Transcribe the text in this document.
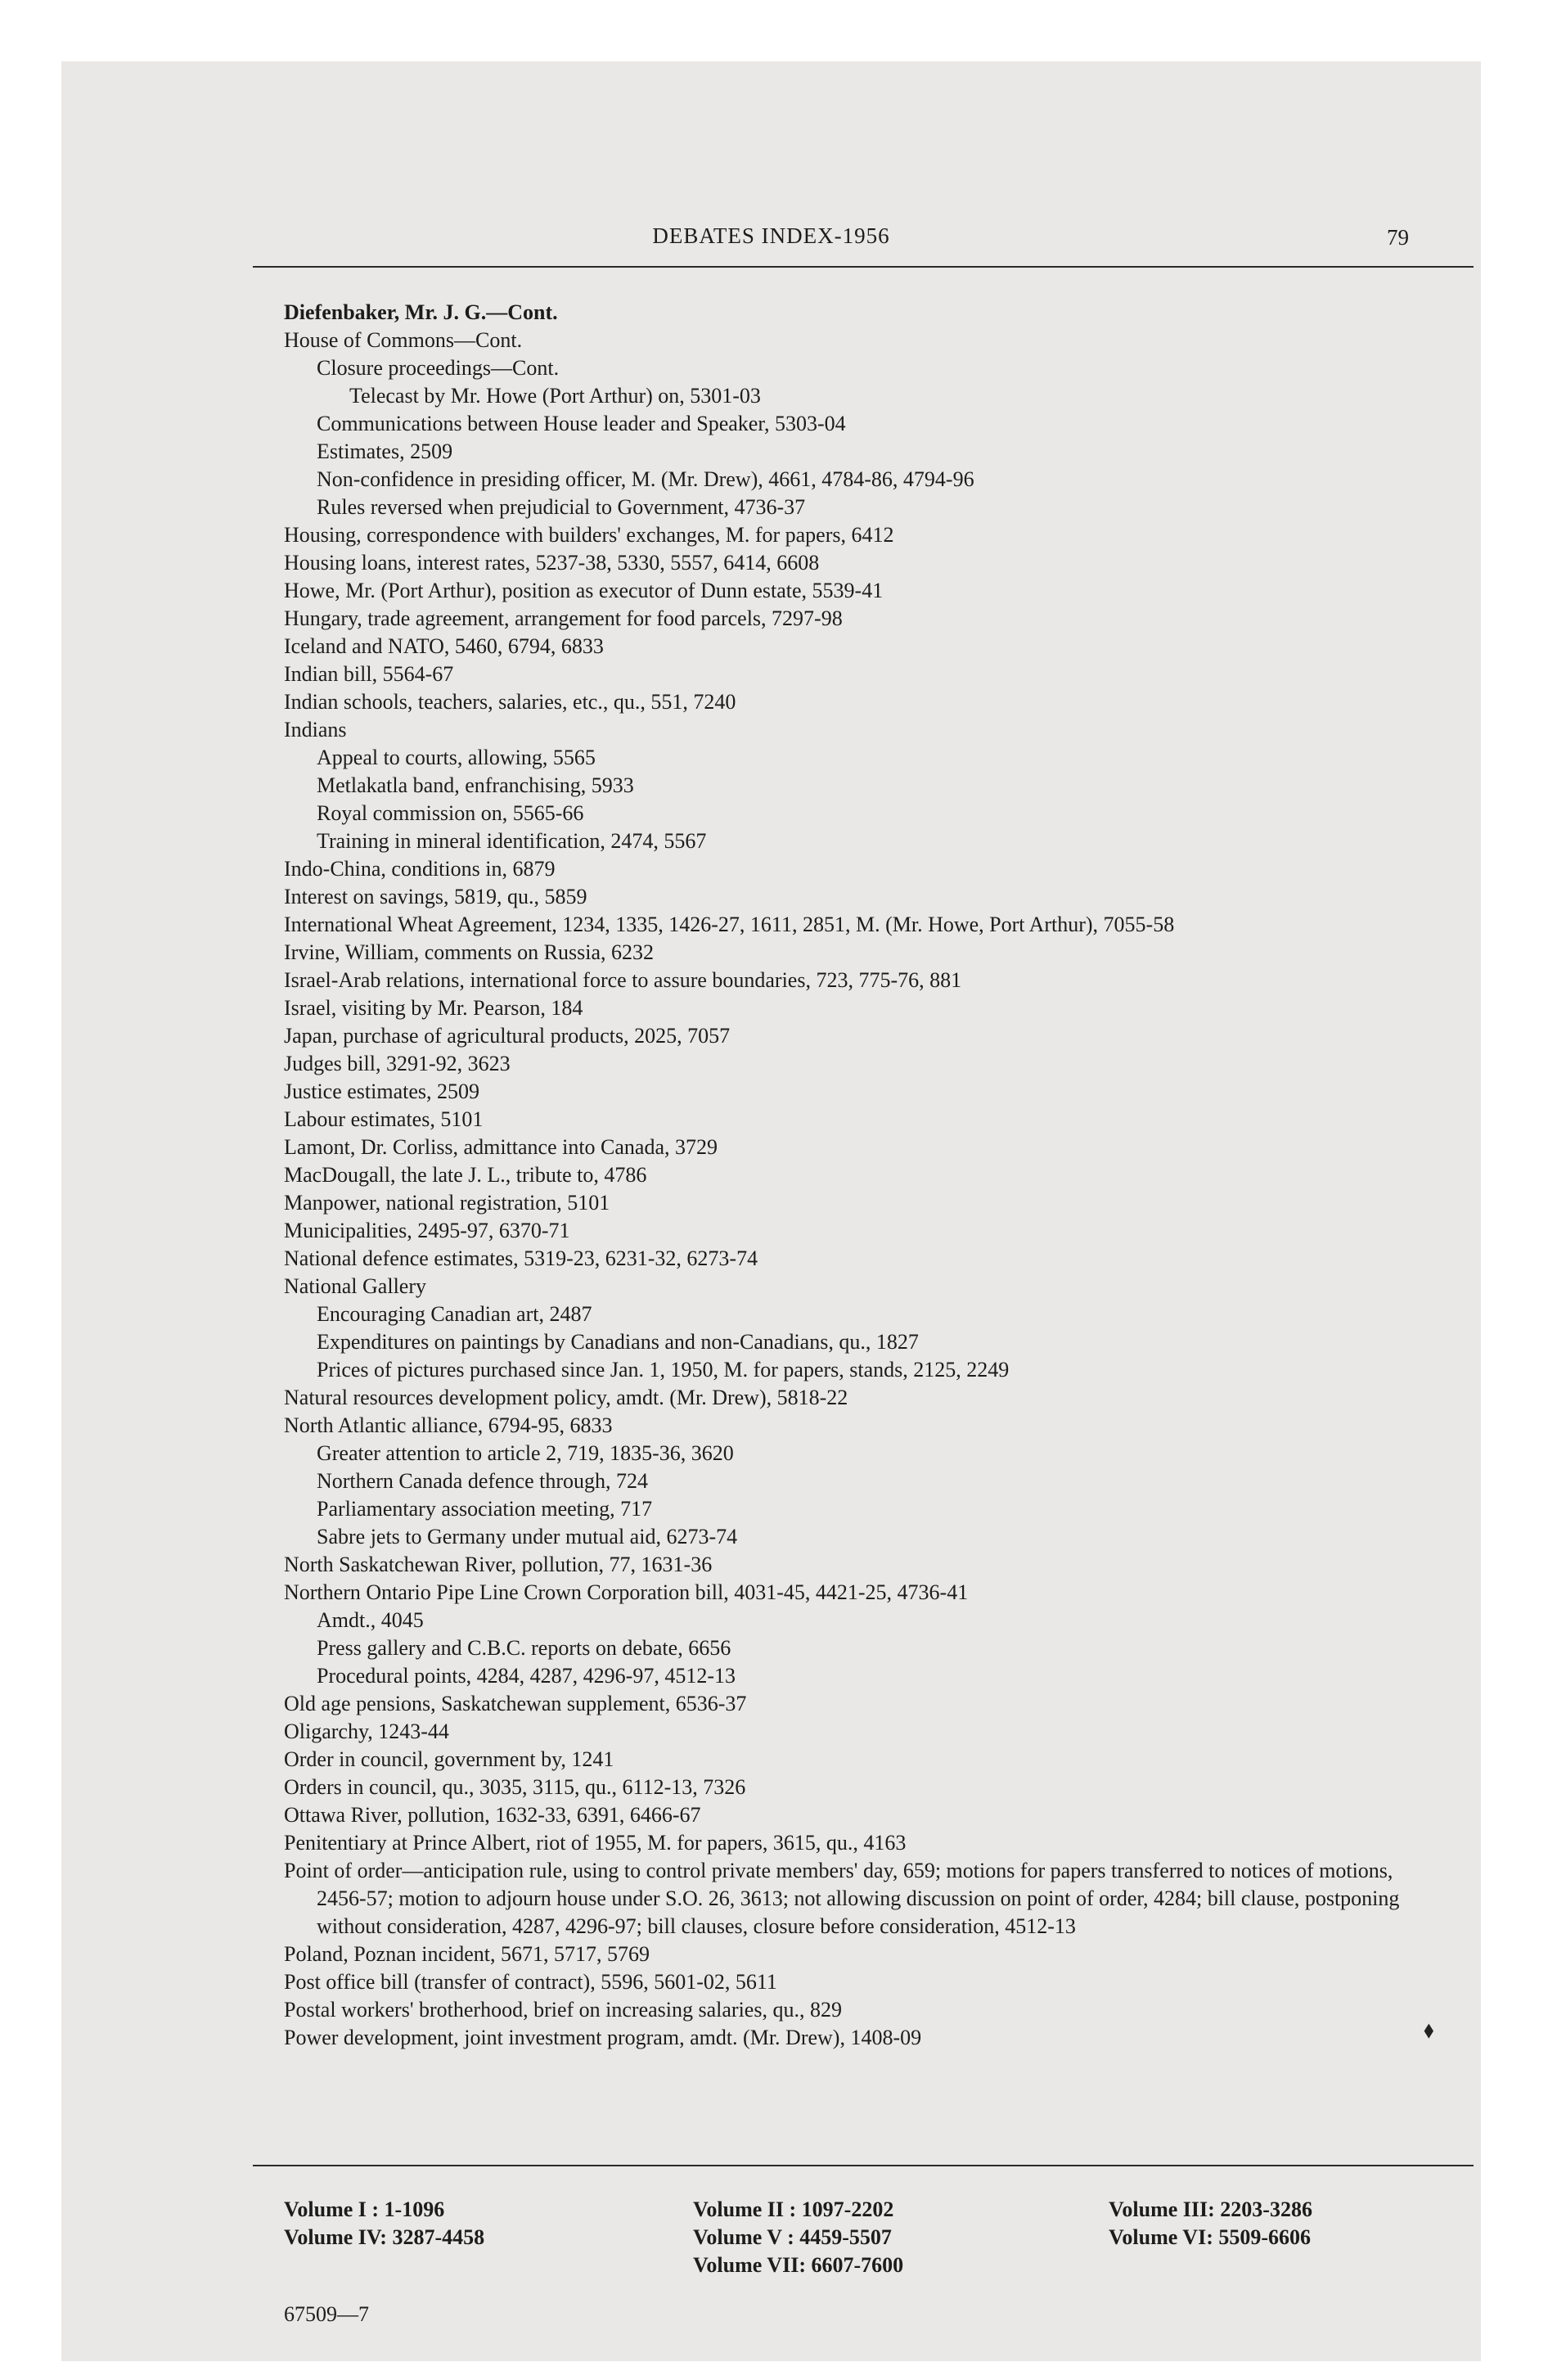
DEBATES INDEX-1956	79
Diefenbaker, Mr. J. G.—Cont.
House of Commons—Cont.
Closure proceedings—Cont.
Telecast by Mr. Howe (Port Arthur) on, 5301-03
Communications between House leader and Speaker, 5303-04
Estimates, 2509
Non-confidence in presiding officer, M. (Mr. Drew), 4661, 4784-86, 4794-96
Rules reversed when prejudicial to Government, 4736-37
Housing, correspondence with builders' exchanges, M. for papers, 6412
Housing loans, interest rates, 5237-38, 5330, 5557, 6414, 6608
Howe, Mr. (Port Arthur), position as executor of Dunn estate, 5539-41
Hungary, trade agreement, arrangement for food parcels, 7297-98
Iceland and NATO, 5460, 6794, 6833
Indian bill, 5564-67
Indian schools, teachers, salaries, etc., qu., 551, 7240
Indians
Appeal to courts, allowing, 5565
Metlakatla band, enfranchising, 5933
Royal commission on, 5565-66
Training in mineral identification, 2474, 5567
Indo-China, conditions in, 6879
Interest on savings, 5819, qu., 5859
International Wheat Agreement, 1234, 1335, 1426-27, 1611, 2851, M. (Mr. Howe, Port Arthur), 7055-58
Irvine, William, comments on Russia, 6232
Israel-Arab relations, international force to assure boundaries, 723, 775-76, 881
Israel, visiting by Mr. Pearson, 184
Japan, purchase of agricultural products, 2025, 7057
Judges bill, 3291-92, 3623
Justice estimates, 2509
Labour estimates, 5101
Lamont, Dr. Corliss, admittance into Canada, 3729
MacDougall, the late J. L., tribute to, 4786
Manpower, national registration, 5101
Municipalities, 2495-97, 6370-71
National defence estimates, 5319-23, 6231-32, 6273-74
National Gallery
Encouraging Canadian art, 2487
Expenditures on paintings by Canadians and non-Canadians, qu., 1827
Prices of pictures purchased since Jan. 1, 1950, M. for papers, stands, 2125, 2249
Natural resources development policy, amdt. (Mr. Drew), 5818-22
North Atlantic alliance, 6794-95, 6833
Greater attention to article 2, 719, 1835-36, 3620
Northern Canada defence through, 724
Parliamentary association meeting, 717
Sabre jets to Germany under mutual aid, 6273-74
North Saskatchewan River, pollution, 77, 1631-36
Northern Ontario Pipe Line Crown Corporation bill, 4031-45, 4421-25, 4736-41
Amdt., 4045
Press gallery and C.B.C. reports on debate, 6656
Procedural points, 4284, 4287, 4296-97, 4512-13
Old age pensions, Saskatchewan supplement, 6536-37
Oligarchy, 1243-44
Order in council, government by, 1241
Orders in council, qu., 3035, 3115, qu., 6112-13, 7326
Ottawa River, pollution, 1632-33, 6391, 6466-67
Penitentiary at Prince Albert, riot of 1955, M. for papers, 3615, qu., 4163
Point of order—anticipation rule, using to control private members' day, 659; motions for papers transferred to notices of motions, 2456-57; motion to adjourn house under S.O. 26, 3613; not allowing discussion on point of order, 4284; bill clause, postponing without consideration, 4287, 4296-97; bill clauses, closure before consideration, 4512-13
Poland, Poznan incident, 5671, 5717, 5769
Post office bill (transfer of contract), 5596, 5601-02, 5611
Postal workers' brotherhood, brief on increasing salaries, qu., 829
Power development, joint investment program, amdt. (Mr. Drew), 1408-09	⬧
Volume I : 1-1096
Volume IV: 3287-4458
Volume II : 1097-2202
Volume V : 4459-5507
Volume VII: 6607-7600
Volume III: 2203-3286
Volume VI: 5509-6606
67509—7
